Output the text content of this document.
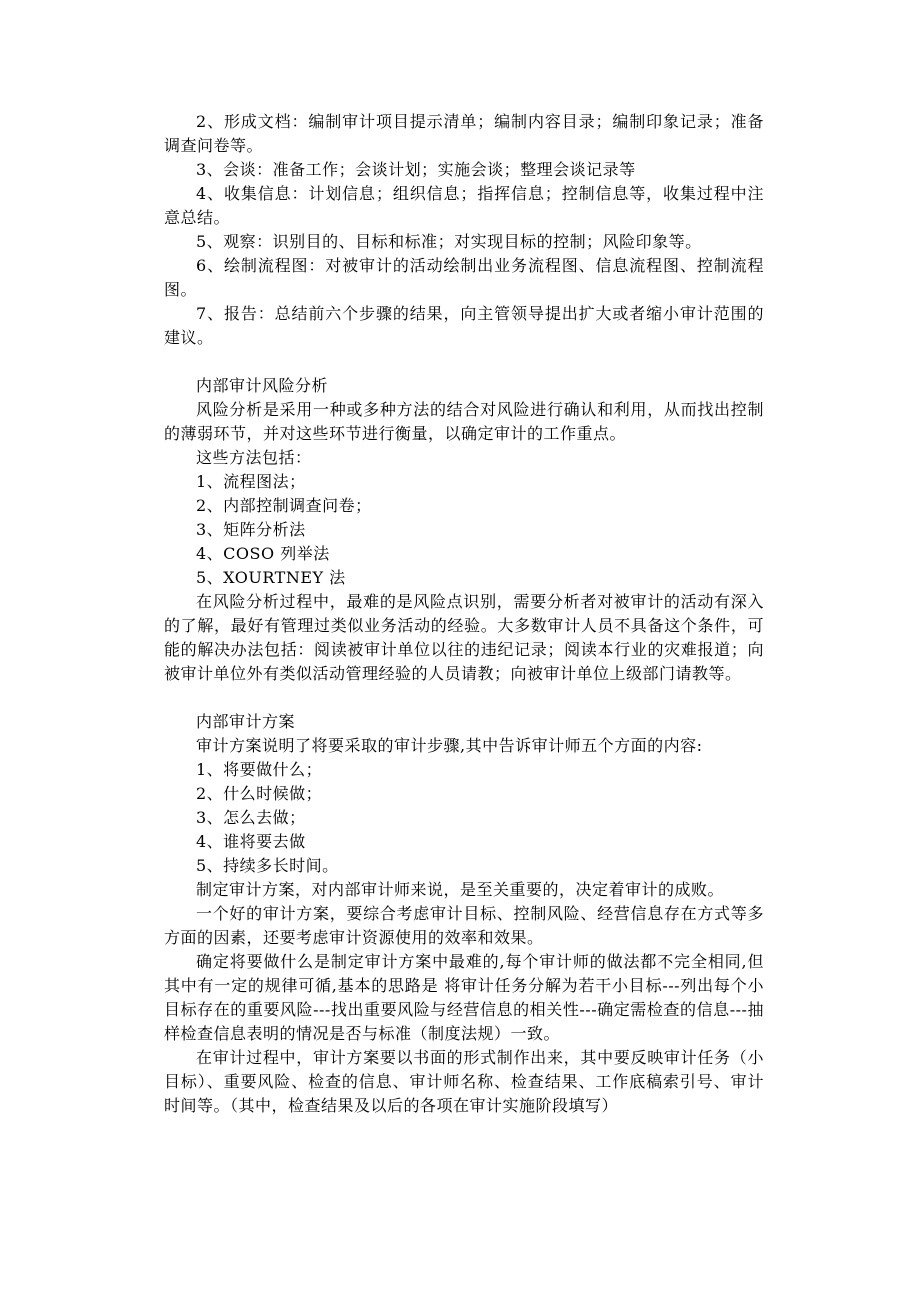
2、形成文档：编制审计项目提示清单；编制内容目录；编制印象记录；准备调查问卷等。

3、会谈：准备工作；会谈计划；实施会谈；整理会谈记录等

4、收集信息：计划信息；组织信息；指挥信息；控制信息等，收集过程中注意总结。

5、观察：识别目的、目标和标准；对实现目标的控制；风险印象等。

6、绘制流程图：对被审计的活动绘制出业务流程图、信息流程图、控制流程图。

7、报告：总结前六个步骤的结果，向主管领导提出扩大或者缩小审计范围的建议。

内部审计风险分析

风险分析是采用一种或多种方法的结合对风险进行确认和利用，从而找出控制的薄弱环节，并对这些环节进行衡量，以确定审计的工作重点。

这些方法包括：

1、流程图法；

2、内部控制调查问卷；

3、矩阵分析法

4、COSO 列举法

5、XOURTNEY 法

在风险分析过程中，最难的是风险点识别，需要分析者对被审计的活动有深入的了解，最好有管理过类似业务活动的经验。大多数审计人员不具备这个条件，可能的解决办法包括：阅读被审计单位以往的违纪记录；阅读本行业的灾难报道；向被审计单位外有类似活动管理经验的人员请教；向被审计单位上级部门请教等。

内部审计方案

审计方案说明了将要采取的审计步骤,其中告诉审计师五个方面的内容:

1、将要做什么；

2、什么时候做；

3、怎么去做；

4、谁将要去做

5、持续多长时间。

制定审计方案，对内部审计师来说，是至关重要的，决定着审计的成败。

一个好的审计方案，要综合考虑审计目标、控制风险、经营信息存在方式等多方面的因素，还要考虑审计资源使用的效率和效果。

确定将要做什么是制定审计方案中最难的,每个审计师的做法都不完全相同,但其中有一定的规律可循,基本的思路是 将审计任务分解为若干小目标---列出每个小目标存在的重要风险---找出重要风险与经营信息的相关性---确定需检查的信息---抽样检查信息表明的情况是否与标准（制度法规）一致。

在审计过程中，审计方案要以书面的形式制作出来，其中要反映审计任务（小目标）、重要风险、检查的信息、审计师名称、检查结果、工作底稿索引号、审计时间等。（其中，检查结果及以后的各项在审计实施阶段填写）
